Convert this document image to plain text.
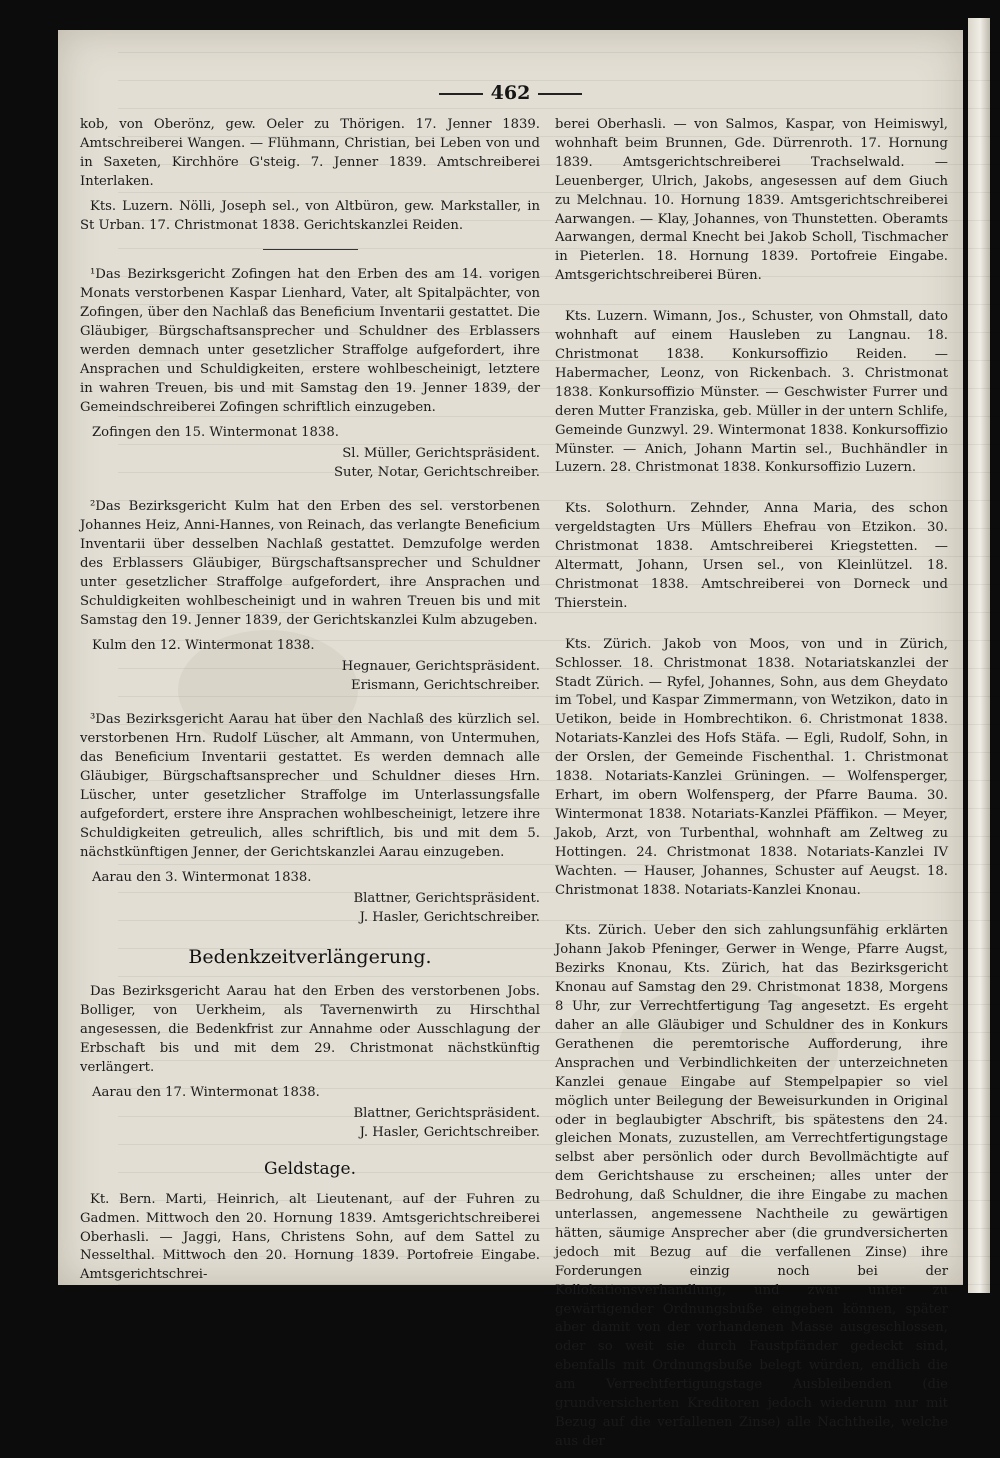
462

kob, von Oberönz, gew. Oeler zu Thörigen. 17. Jenner 1839. Amtschreiberei Wangen. — Flühmann, Christian, bei Leben von und in Saxeten, Kirchhöre G'steig. 7. Jenner 1839. Amtschreiberei Interlaken.

Kts. Luzern. Nölli, Joseph sel., von Altbüron, gew. Markstaller, in St Urban. 17. Christmonat 1838. Gerichtskanzlei Reiden.

¹Das Bezirksgericht Zofingen hat den Erben des am 14. vorigen Monats verstorbenen Kaspar Lienhard, Vater, alt Spitalpächter, von Zofingen, über den Nachlaß das Beneficium Inventarii gestattet. Die Gläubiger, Bürgschaftsansprecher und Schuldner des Erblassers werden demnach unter gesetzlicher Straffolge aufgefordert, ihre Ansprachen und Schuldigkeiten, erstere wohlbescheinigt, letztere in wahren Treuen, bis und mit Samstag den 19. Jenner 1839, der Gemeindschreiberei Zofingen schriftlich einzugeben.

Zofingen den 15. Wintermonat 1838.

Sl. Müller, Gerichtspräsident.

Suter, Notar, Gerichtschreiber.

²Das Bezirksgericht Kulm hat den Erben des sel. verstorbenen Johannes Heiz, Anni-Hannes, von Reinach, das verlangte Beneficium Inventarii über desselben Nachlaß gestattet. Demzufolge werden des Erblassers Gläubiger, Bürgschaftsansprecher und Schuldner unter gesetzlicher Straffolge aufgefordert, ihre Ansprachen und Schuldigkeiten wohlbescheinigt und in wahren Treuen bis und mit Samstag den 19. Jenner 1839, der Gerichtskanzlei Kulm abzugeben.

Kulm den 12. Wintermonat 1838.

Hegnauer, Gerichtspräsident.

Erismann, Gerichtschreiber.

³Das Bezirksgericht Aarau hat über den Nachlaß des kürzlich sel. verstorbenen Hrn. Rudolf Lüscher, alt Ammann, von Untermuhen, das Beneficium Inventarii gestattet. Es werden demnach alle Gläubiger, Bürgschaftsansprecher und Schuldner dieses Hrn. Lüscher, unter gesetzlicher Straffolge im Unterlassungsfalle aufgefordert, erstere ihre Ansprachen wohlbescheinigt, letzere ihre Schuldigkeiten getreulich, alles schriftlich, bis und mit dem 5. nächstkünftigen Jenner, der Gerichtskanzlei Aarau einzugeben.

Aarau den 3. Wintermonat 1838.

Blattner, Gerichtspräsident.

J. Hasler, Gerichtschreiber.

Bedenkzeitverlängerung.

Das Bezirksgericht Aarau hat den Erben des verstorbenen Jobs. Bolliger, von Uerkheim, als Tavernenwirth zu Hirschthal angesessen, die Bedenkfrist zur Annahme oder Ausschlagung der Erbschaft bis und mit dem 29. Christmonat nächstkünftig verlängert.

Aarau den 17. Wintermonat 1838.

Blattner, Gerichtspräsident.

J. Hasler, Gerichtschreiber.

Geldstage.

Kt. Bern. Marti, Heinrich, alt Lieutenant, auf der Fuhren zu Gadmen. Mittwoch den 20. Hornung 1839. Amtsgerichtschreiberei Oberhasli. — Jaggi, Hans, Christens Sohn, auf dem Sattel zu Nesselthal. Mittwoch den 20. Hornung 1839. Portofreie Eingabe. Amtsgerichtschrei-

berei Oberhasli. — von Salmos, Kaspar, von Heimiswyl, wohnhaft beim Brunnen, Gde. Dürrenroth. 17. Hornung 1839. Amtsgerichtschreiberei Trachselwald. — Leuenberger, Ulrich, Jakobs, angesessen auf dem Giuch zu Melchnau. 10. Hornung 1839. Amtsgerichtschreiberei Aarwangen. — Klay, Johannes, von Thunstetten. Oberamts Aarwangen, dermal Knecht bei Jakob Scholl, Tischmacher in Pieterlen. 18. Hornung 1839. Portofreie Eingabe. Amtsgerichtschreiberei Büren.

Kts. Luzern. Wimann, Jos., Schuster, von Ohmstall, dato wohnhaft auf einem Hausleben zu Langnau. 18. Christmonat 1838. Konkursoffizio Reiden. — Habermacher, Leonz, von Rickenbach. 3. Christmonat 1838. Konkursoffizio Münster. — Geschwister Furrer und deren Mutter Franziska, geb. Müller in der untern Schlife, Gemeinde Gunzwyl. 29. Wintermonat 1838. Konkursoffizio Münster. — Anich, Johann Martin sel., Buchhändler in Luzern. 28. Christmonat 1838. Konkursoffizio Luzern.

Kts. Solothurn. Zehnder, Anna Maria, des schon vergeldstagten Urs Müllers Ehefrau von Etzikon. 30. Christmonat 1838. Amtschreiberei Kriegstetten. — Altermatt, Johann, Ursen sel., von Kleinlützel. 18. Christmonat 1838. Amtschreiberei von Dorneck und Thierstein.

Kts. Zürich. Jakob von Moos, von und in Zürich, Schlosser. 18. Christmonat 1838. Notariatskanzlei der Stadt Zürich. — Ryfel, Johannes, Sohn, aus dem Gheydato im Tobel, und Kaspar Zimmermann, von Wetzikon, dato in Uetikon, beide in Hombrechtikon. 6. Christmonat 1838. Notariats-Kanzlei des Hofs Stäfa. — Egli, Rudolf, Sohn, in der Orslen, der Gemeinde Fischenthal. 1. Christmonat 1838. Notariats-Kanzlei Grüningen. — Wolfensperger, Erhart, im obern Wolfensperg, der Pfarre Bauma. 30. Wintermonat 1838. Notariats-Kanzlei Pfäffikon. — Meyer, Jakob, Arzt, von Turbenthal, wohnhaft am Zeltweg zu Hottingen. 24. Christmonat 1838. Notariats-Kanzlei IV Wachten. — Hauser, Johannes, Schuster auf Aeugst. 18. Christmonat 1838. Notariats-Kanzlei Knonau.

Kts. Zürich. Ueber den sich zahlungsunfähig erklärten Johann Jakob Pfeninger, Gerwer in Wenge, Pfarre Augst, Bezirks Knonau, Kts. Zürich, hat das Bezirksgericht Knonau auf Samstag den 29. Christmonat 1838, Morgens 8 Uhr, zur Verrechtfertigung Tag angesetzt. Es ergeht daher an alle Gläubiger und Schuldner des in Konkurs Gerathenen die peremtorische Aufforderung, ihre Ansprachen und Verbindlichkeiten der unterzeichneten Kanzlei genaue Eingabe auf Stempelpapier so viel möglich unter Beilegung der Beweisurkunden in Original oder in beglaubigter Abschrift, bis spätestens den 24. gleichen Monats, zuzustellen, am Verrechtfertigungstage selbst aber persönlich oder durch Bevollmächtigte auf dem Gerichtshause zu erscheinen; alles unter der Bedrohung, daß Schuldner, die ihre Eingabe zu machen unterlassen, angemessene Nachtheile zu gewärtigen hätten, säumige Ansprecher aber (die grundversicherten jedoch mit Bezug auf die verfallenen Zinse) ihre Forderungen einzig noch bei der Kollokationsverhandlung, und zwar unter zu gewärtigender Ordnungsbuße eingeben können, später aber damit von der vorhandenen Masse ausgeschlossen, oder so weit sie durch Faustpfänder gedeckt sind, ebenfalls mit Ordnungsbuße belegt würden, endlich die am Verrechtfertigungstage Ausbleibenden (die grundversicherten Kreditoren jedoch wiederum nur mit Bezug auf die verfallenen Zinse) alle Nachtheile, welche aus der
